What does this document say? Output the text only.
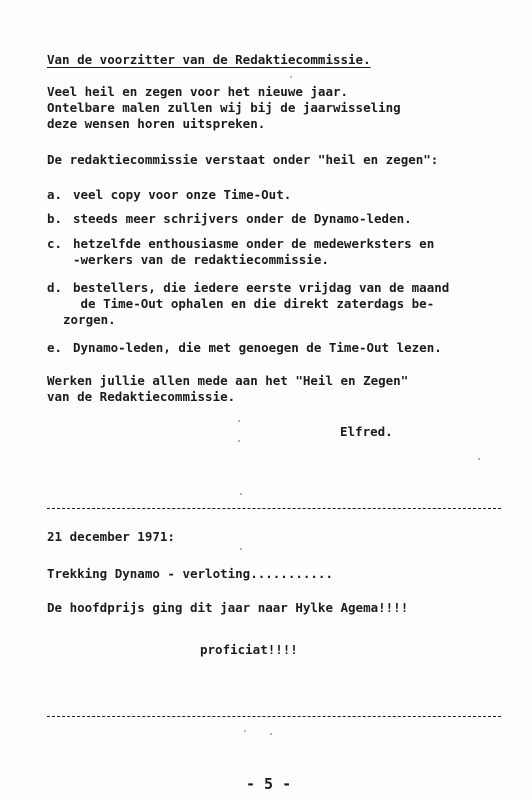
Van de voorzitter van de Redaktiecommissie.
Veel heil en zegen voor het nieuwe jaar.
Ontelbare malen zullen wij bij de jaarwisseling
deze wensen horen uitspreken.
De redaktiecommissie verstaat onder "heil en zegen":
a. veel copy voor onze Time-Out.
b. steeds meer schrijvers onder de Dynamo-leden.
c. hetzelfde enthousiasme onder de medewerksters en
-werkers van de redaktiecommissie.
d. bestellers, die iedere eerste vrijdag van de maand
de Time-Out ophalen en die direkt zaterdags be-
zorgen.
e. Dynamo-leden, die met genoegen de Time-Out lezen.
Werken jullie allen mede aan het "Heil en Zegen"
van de Redaktiecommissie.
Elfred.
21 december 1971:
Trekking Dynamo - verloting...........
De hoofdprijs ging dit jaar naar Hylke Agema!!!!
proficiat!!!!
- 5 -
